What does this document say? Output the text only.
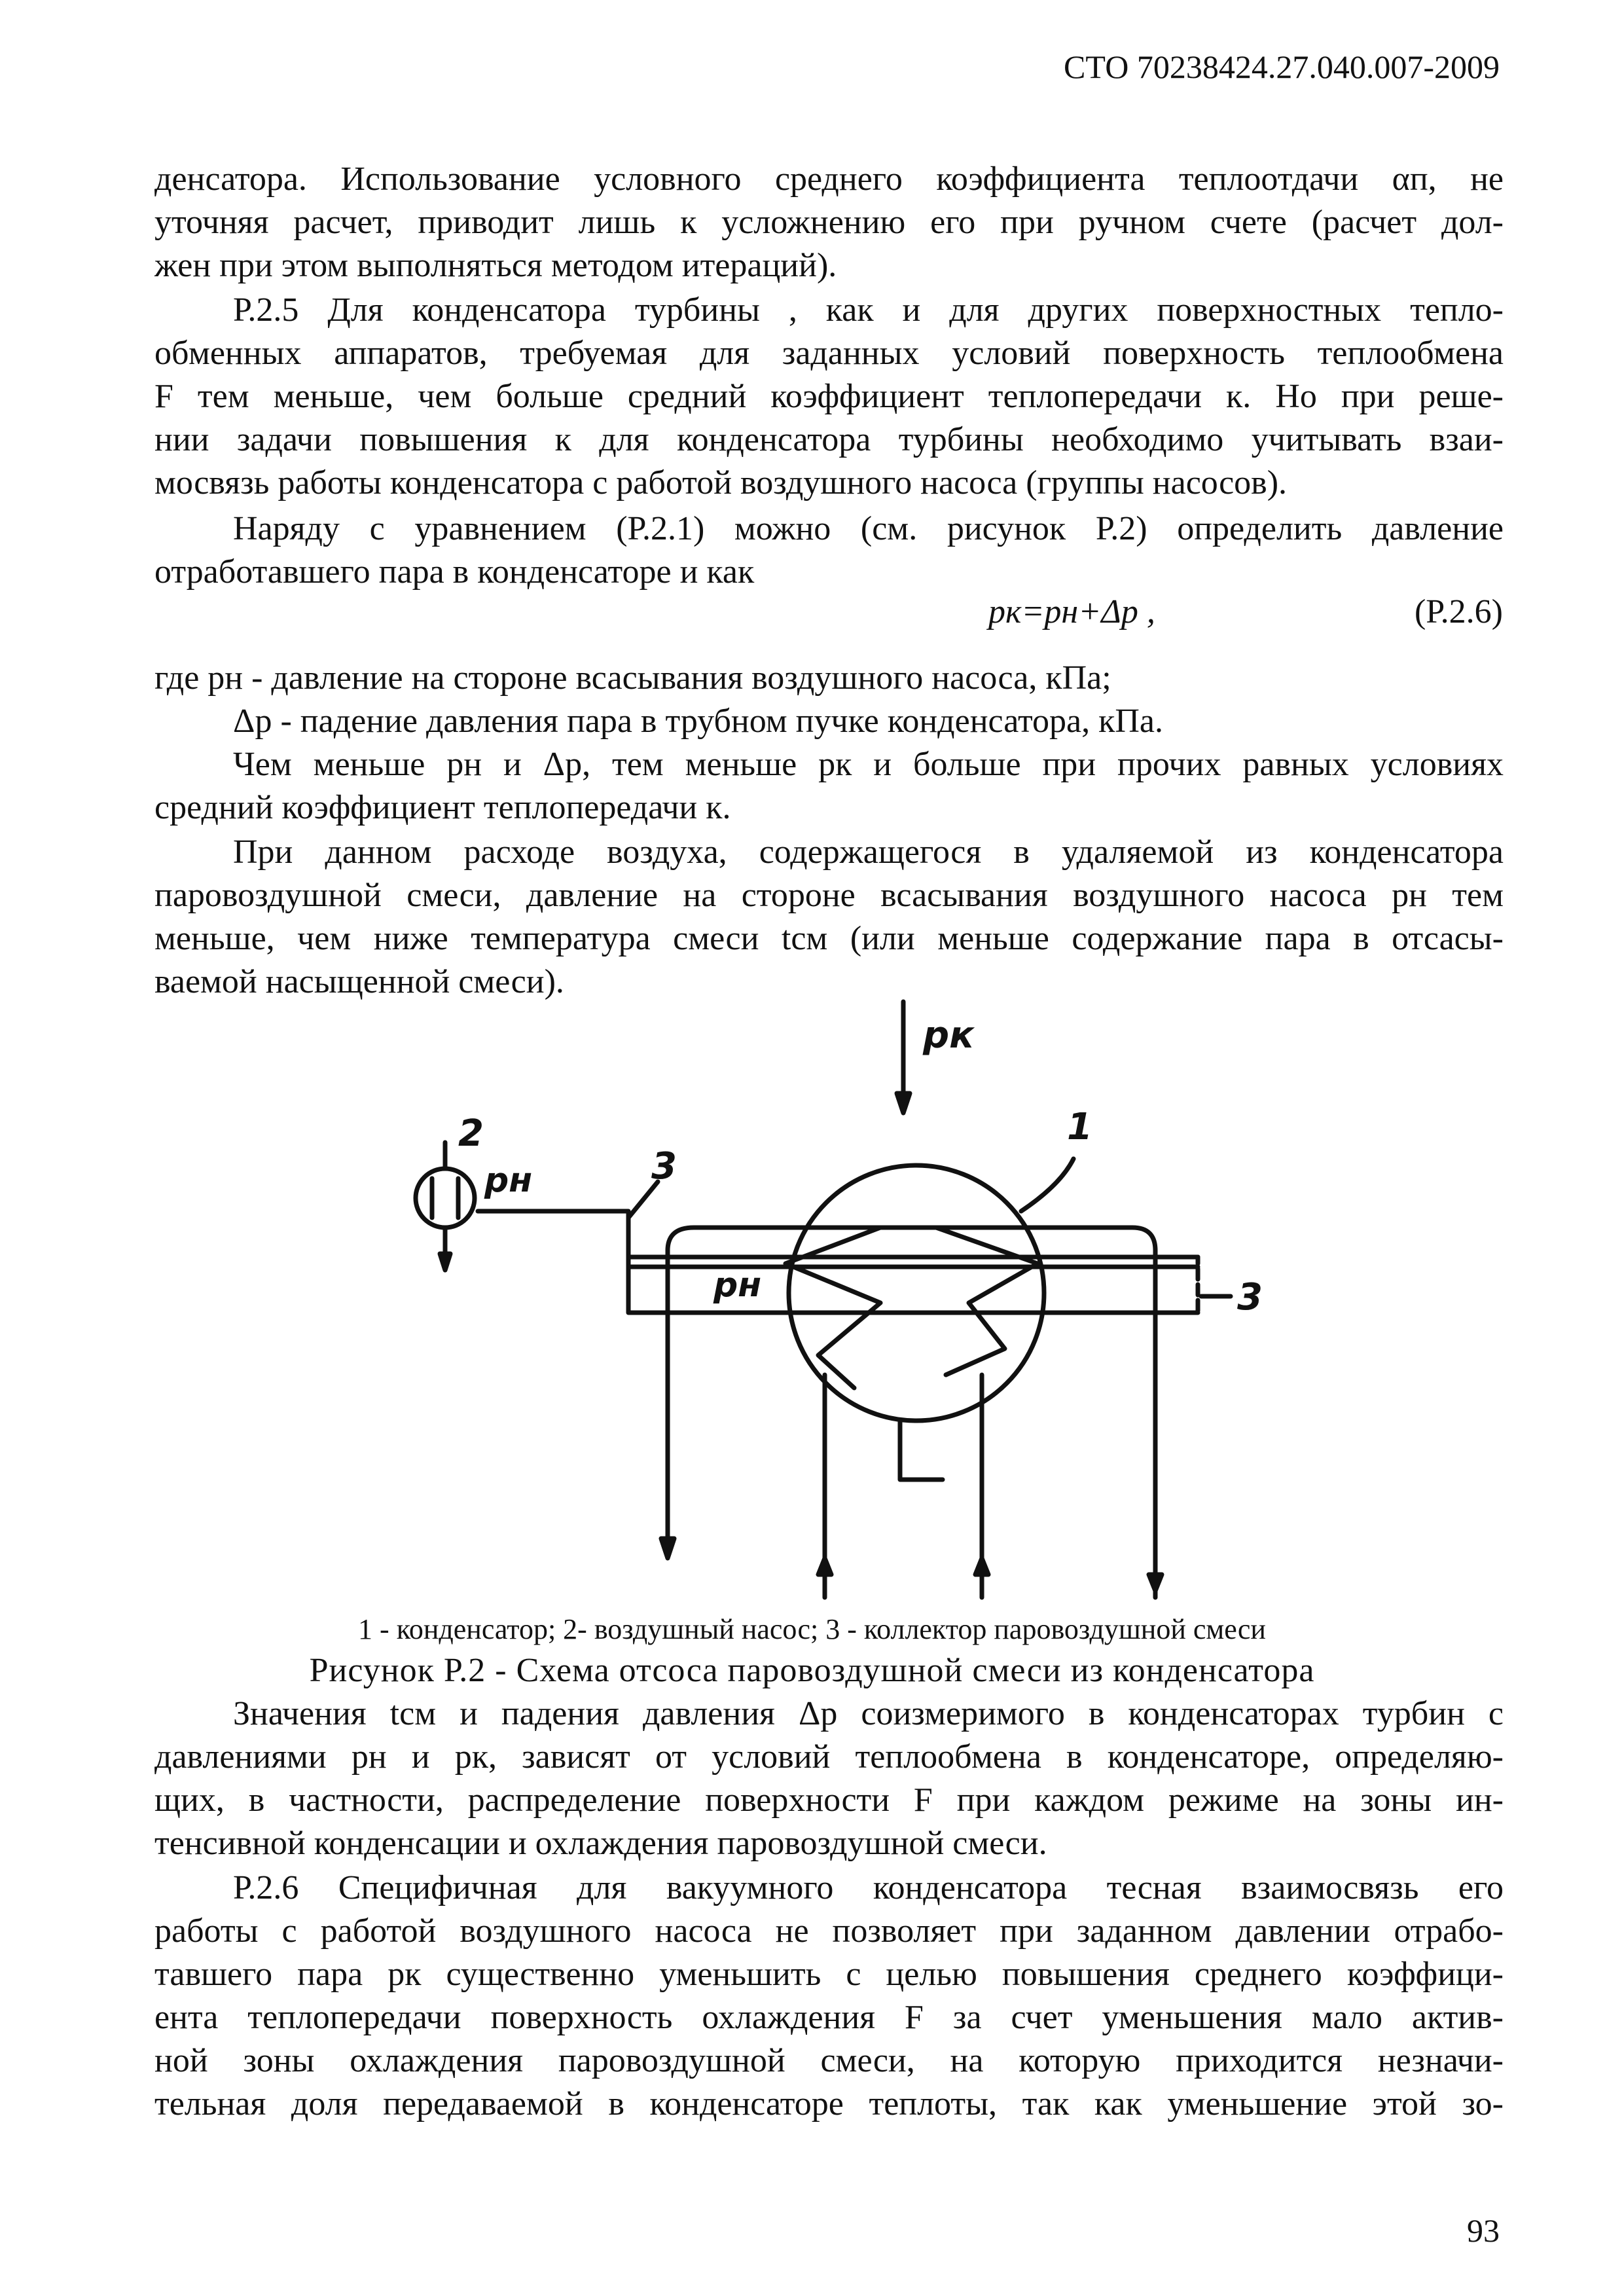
СТО 70238424.27.040.007-2009
денсатора. Использование условного среднего коэффициента теплоотдачи αп, не
уточняя расчет, приводит лишь к усложнению его при ручном счете (расчет дол-
жен при этом выполняться методом итераций).
Р.2.5 Для конденсатора турбины , как и для других поверхностных тепло-
обменных аппаратов, требуемая для заданных условий поверхность теплообмена
F тем меньше, чем больше средний коэффициент теплопередачи к. Но при реше-
нии задачи повышения к для конденсатора турбины необходимо учитывать взаи-
мосвязь работы конденсатора с работой воздушного насоса (группы насосов).
Наряду с уравнением (Р.2.1) можно (см. рисунок Р.2) определить давление
отработавшего пара в конденсаторе и как
pк=pн+Δp ,	(Р.2.6)
где pн - давление на стороне всасывания воздушного насоса, кПа;
Δp - падение давления пара в трубном пучке конденсатора, кПа.
Чем меньше pн и Δp, тем меньше pк и больше при прочих равных условиях
средний коэффициент теплопередачи к.
При данном расходе воздуха, содержащегося в удаляемой из конденсатора
паровоздушной смеси, давление на стороне всасывания воздушного насоса pн тем
меньше, чем ниже температура смеси tсм (или меньше содержание пара в отсасы-
ваемой насыщенной смеси).
pк
1
2
pн	3
pн	3
1 - конденсатор; 2- воздушный насос; 3 - коллектор паровоздушной смеси
Рисунок Р.2 - Схема отсоса паровоздушной смеси из конденсатора
Значения tсм и падения давления Δp соизмеримого в конденсаторах турбин с
давлениями pн и pк, зависят от условий теплообмена в конденсаторе, определяю-
щих, в частности, распределение поверхности F при каждом режиме на зоны ин-
тенсивной конденсации и охлаждения паровоздушной смеси.
Р.2.6 Специфичная для вакуумного конденсатора тесная взаимосвязь его
работы с работой воздушного насоса не позволяет при заданном давлении отрабо-
тавшего пара pк существенно уменьшить с целью повышения среднего коэффици-
ента теплопередачи поверхность охлаждения F за счет уменьшения мало актив-
ной зоны охлаждения паровоздушной смеси, на которую приходится незначи-
тельная доля передаваемой в конденсаторе теплоты, так как уменьшение этой зо-
93
